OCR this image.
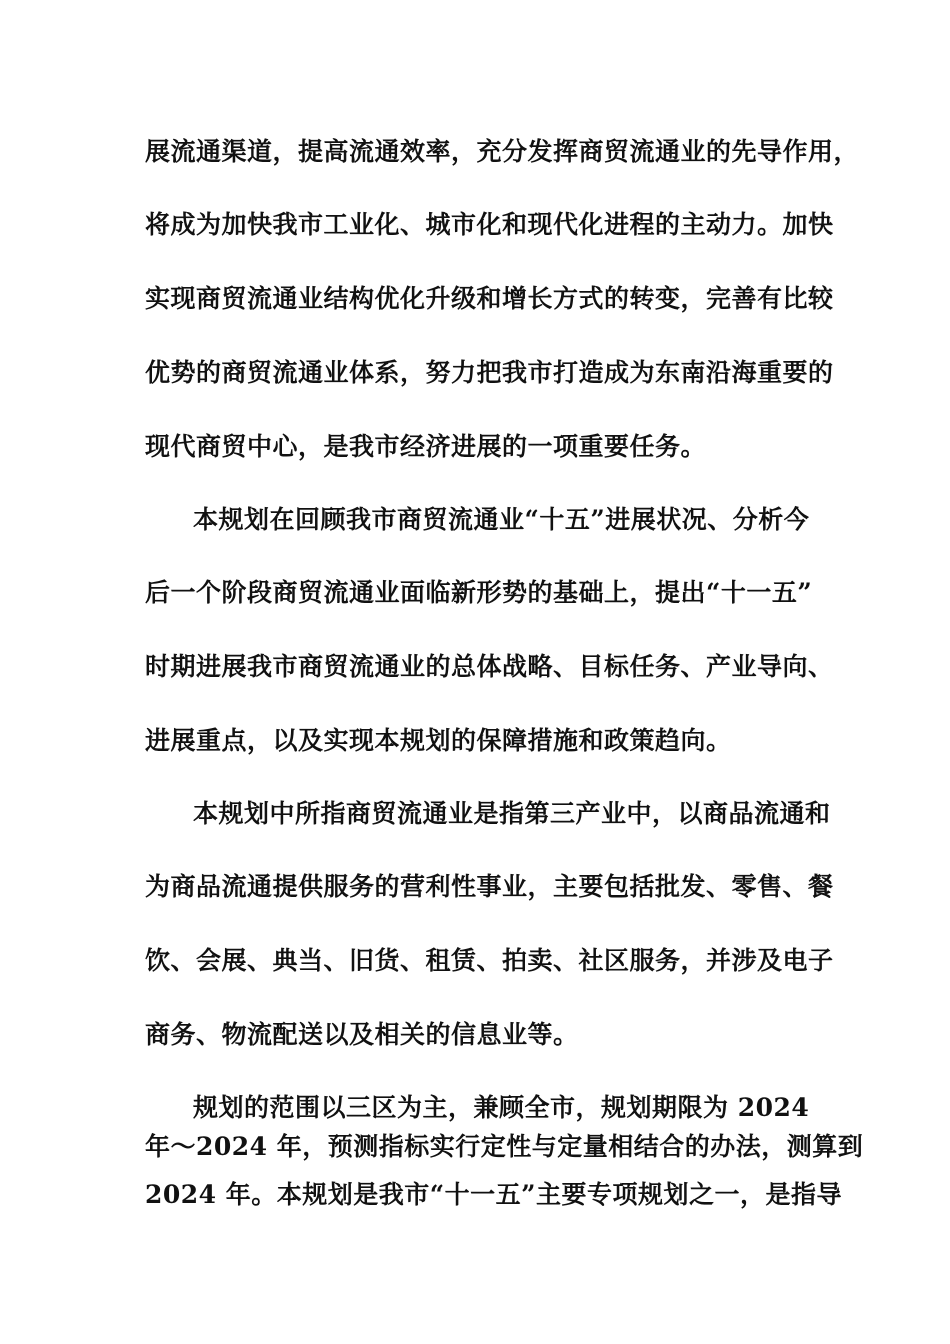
展流通渠道，提高流通效率，充分发挥商贸流通业的先导作用，
将成为加快我市工业化、城市化和现代化进程的主动力。加快
实现商贸流通业结构优化升级和增长方式的转变，完善有比较
优势的商贸流通业体系，努力把我市打造成为东南沿海重要的
现代商贸中心，是我市经济进展的一项重要任务。
本规划在回顾我市商贸流通业“十五”进展状况、分析今
后一个阶段商贸流通业面临新形势的基础上，提出“十一五”
时期进展我市商贸流通业的总体战略、目标任务、产业导向、
进展重点，以及实现本规划的保障措施和政策趋向。
本规划中所指商贸流通业是指第三产业中，以商品流通和
为商品流通提供服务的营利性事业，主要包括批发、零售、餐
饮、会展、典当、旧货、租赁、拍卖、社区服务，并涉及电子
商务、物流配送以及相关的信息业等。
规划的范围以三区为主，兼顾全市，规划期限为 2024
年～2024 年，预测指标实行定性与定量相结合的办法，测算到
2024 年。本规划是我市“十一五”主要专项规划之一，是指导
